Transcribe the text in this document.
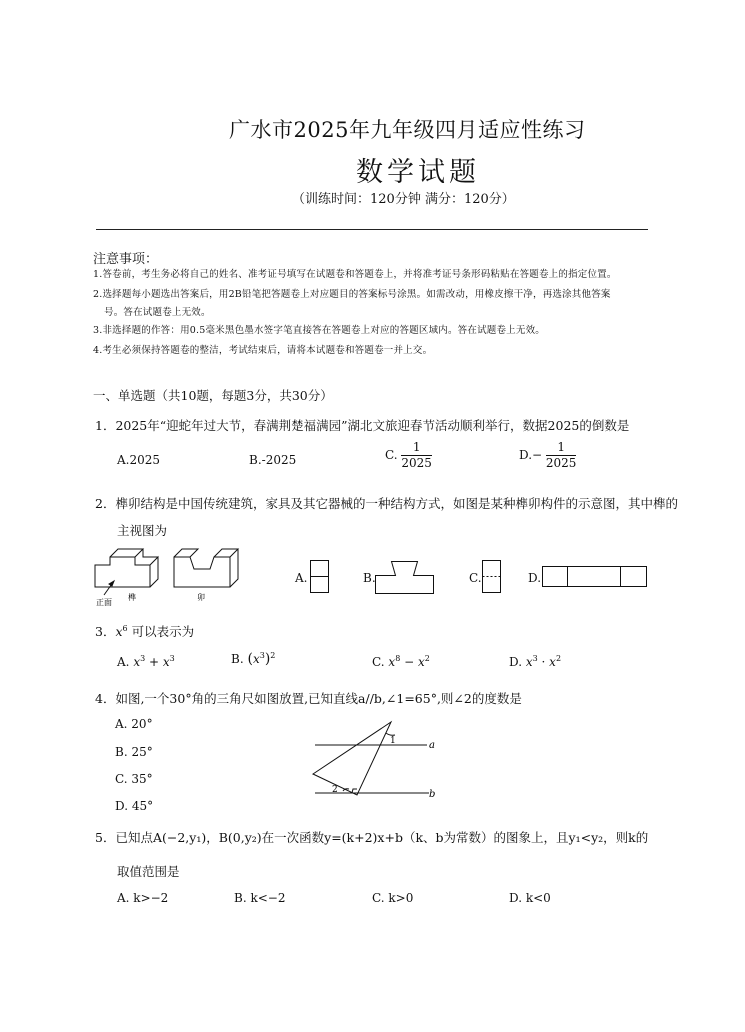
广水市2025年九年级四月适应性练习
数学试题
（训练时间：120分钟 满分：120分）
注意事项：
1.答卷前，考生务必将自己的姓名、准考证号填写在试题卷和答题卷上，并将准考证号条形码粘贴在答题卷上的指定位置。
2.选择题每小题选出答案后，用2B铅笔把答题卷上对应题目的答案标号涂黑。如需改动，用橡皮擦干净，再选涂其他答案
号。答在试题卷上无效。
3.非选择题的作答：用0.5毫米黑色墨水签字笔直接答在答题卷上对应的答题区域内。答在试题卷上无效。
4.考生必须保持答题卷的整洁，考试结束后，请将本试题卷和答题卷一并上交。
一、单选题（共10题，每题3分，共30分）
1．2025年“迎蛇年过大节，春满荆楚福满园”湖北文旅迎春节活动顺利举行，数据2025的倒数是
A.2025	B.-2025	C. $\frac{1}{2025}$	$D.- \frac{1}{2025}$
2．榫卯结构是中国传统建筑，家具及其它器械的一种结构方式，如图是某种榫卯构件的示意图，其中榫的
主视图为
正面
榫	卯
A.	B.	C.	D.
3．$x^6$ 可以表示为
A. $x^3 + x^3$	B. $(x^3)^2$	C. $x^8 - x^2$	D. $x^3 \cdot x^2$
4．如图,一个30°角的三角尺如图放置,已知直线a//b,∠1=65°,则∠2的度数是
A. 20°
B. 25°
C. 35°
D. 45°
1
2
a
b
5．已知点A(−2,y₁)，B(0,y₂)在一次函数y=(k+2)x+b（k、b为常数）的图象上，且y₁<y₂，则k的
取值范围是
A. k>−2	B. k<−2	C. k>0	D. k<0
